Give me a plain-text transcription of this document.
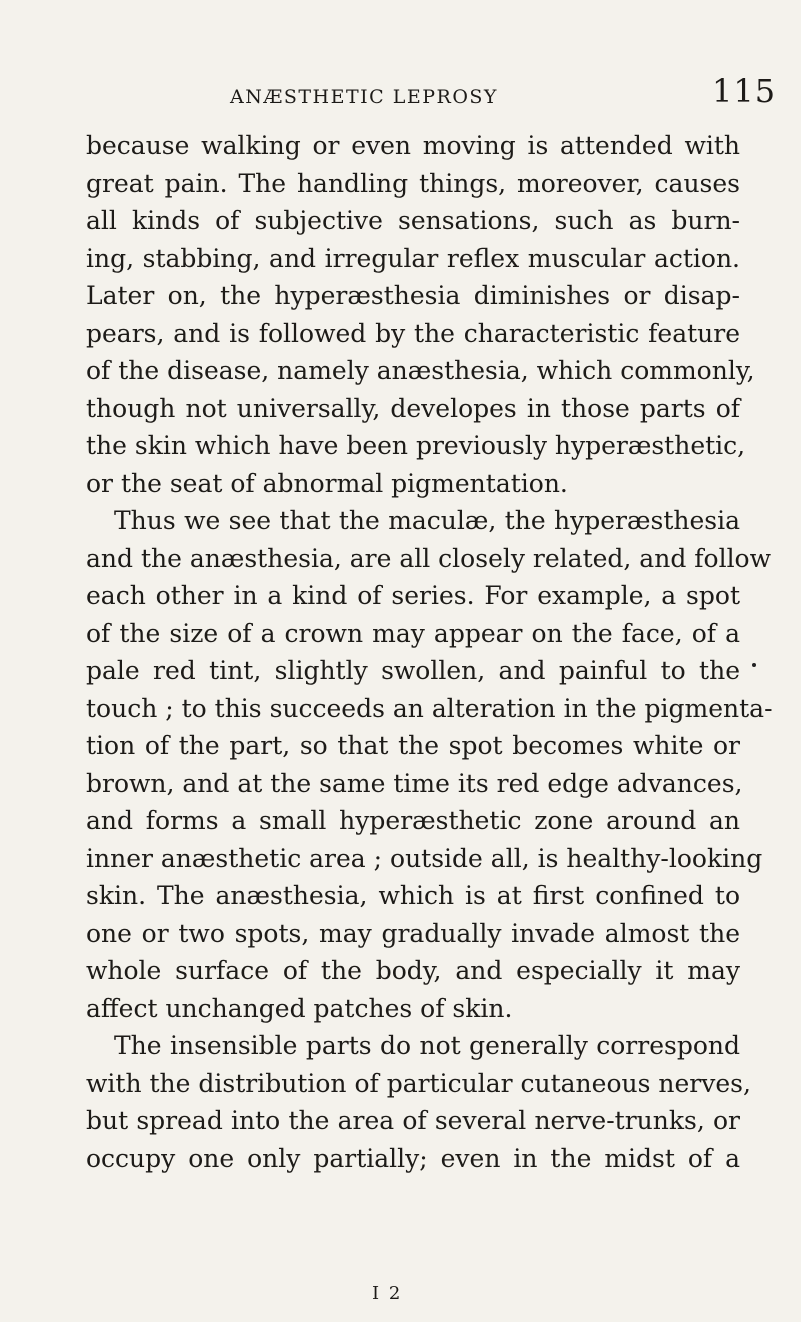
ANÆSTHETIC LEPROSY	115
because walking or even moving is attended with
great pain. The handling things, moreover, causes
all kinds of subjective sensations, such as burn-
ing, stabbing, and irregular reflex muscular action.
Later on, the hyperæsthesia diminishes or disap-
pears, and is followed by the characteristic feature
of the disease, namely anæsthesia, which commonly,
though not universally, developes in those parts of
the skin which have been previously hyperæsthetic,
or the seat of abnormal pigmentation.
Thus we see that the maculæ, the hyperæsthesia
and the anæsthesia, are all closely related, and follow
each other in a kind of series. For example, a spot
of the size of a crown may appear on the face, of a
pale red tint, slightly swollen, and painful to the
touch ; to this succeeds an alteration in the pigmenta-
tion of the part, so that the spot becomes white or
brown, and at the same time its red edge advances,
and forms a small hyperæsthetic zone around an
inner anæsthetic area ; outside all, is healthy-looking
skin. The anæsthesia, which is at first confined to
one or two spots, may gradually invade almost the
whole surface of the body, and especially it may
affect unchanged patches of skin.
The insensible parts do not generally correspond
with the distribution of particular cutaneous nerves,
but spread into the area of several nerve-trunks, or
occupy one only partially; even in the midst of a
I 2
